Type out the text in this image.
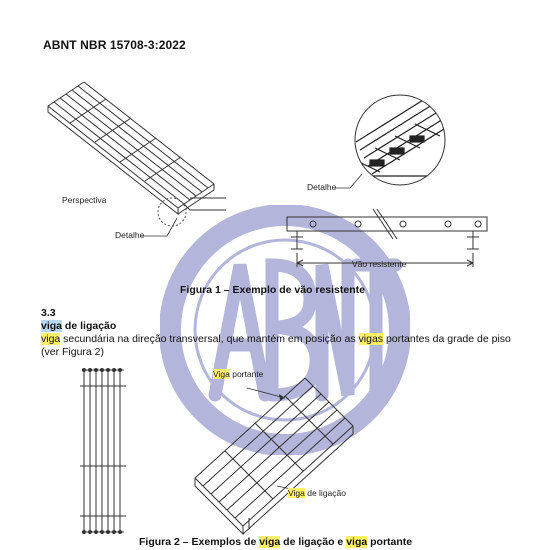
ABNT NBR 15708-3:2022
Perspectiva
Detalhe
Detalhe
Vão resistente
Figura 1 – Exemplo de vão resistente
3.3
viga de ligação
viga secundária na direção transversal, que mantém em posição as vigas portantes da grade de piso (ver Figura 2)
Viga portante
Viga de ligação
Figura 2 – Exemplos de viga de ligação e viga portante
